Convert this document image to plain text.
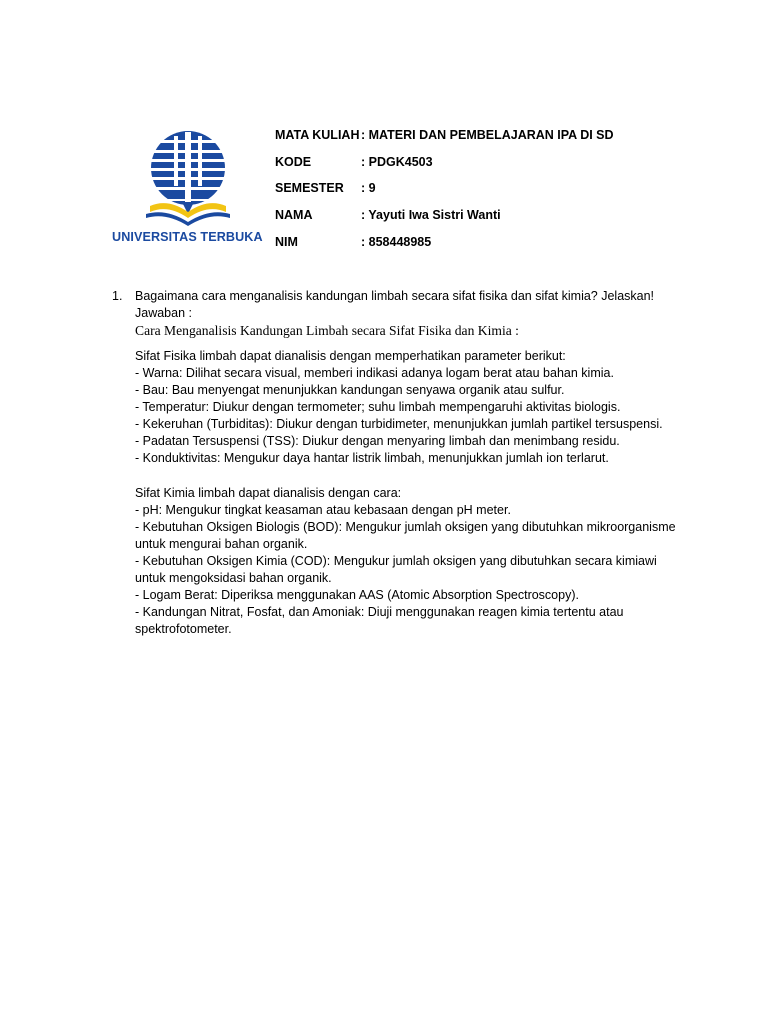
UNIVERSITAS TERBUKA
MATA KULIAH : MATERI DAN PEMBELAJARAN IPA DI SD
KODE	: PDGK4503
SEMESTER : 9
NAMA	: Yayuti Iwa Sistri Wanti
NIM	: 858448985
1. Bagaimana cara menganalisis kandungan limbah secara sifat fisika dan sifat kimia? Jelaskan!
Jawaban :
Cara Menganalisis Kandungan Limbah secara Sifat Fisika dan Kimia :
Sifat Fisika limbah dapat dianalisis dengan memperhatikan parameter berikut:
- Warna: Dilihat secara visual, memberi indikasi adanya logam berat atau bahan kimia.
- Bau: Bau menyengat menunjukkan kandungan senyawa organik atau sulfur.
- Temperatur: Diukur dengan termometer; suhu limbah mempengaruhi aktivitas biologis.
- Kekeruhan (Turbiditas): Diukur dengan turbidimeter, menunjukkan jumlah partikel tersuspensi.
- Padatan Tersuspensi (TSS): Diukur dengan menyaring limbah dan menimbang residu.
- Konduktivitas: Mengukur daya hantar listrik limbah, menunjukkan jumlah ion terlarut.
Sifat Kimia limbah dapat dianalisis dengan cara:
- pH: Mengukur tingkat keasaman atau kebasaan dengan pH meter.
- Kebutuhan Oksigen Biologis (BOD): Mengukur jumlah oksigen yang dibutuhkan mikroorganisme
untuk mengurai bahan organik.
- Kebutuhan Oksigen Kimia (COD): Mengukur jumlah oksigen yang dibutuhkan secara kimiawi
untuk mengoksidasi bahan organik.
- Logam Berat: Diperiksa menggunakan AAS (Atomic Absorption Spectroscopy).
- Kandungan Nitrat, Fosfat, dan Amoniak: Diuji menggunakan reagen kimia tertentu atau
spektrofotometer.
